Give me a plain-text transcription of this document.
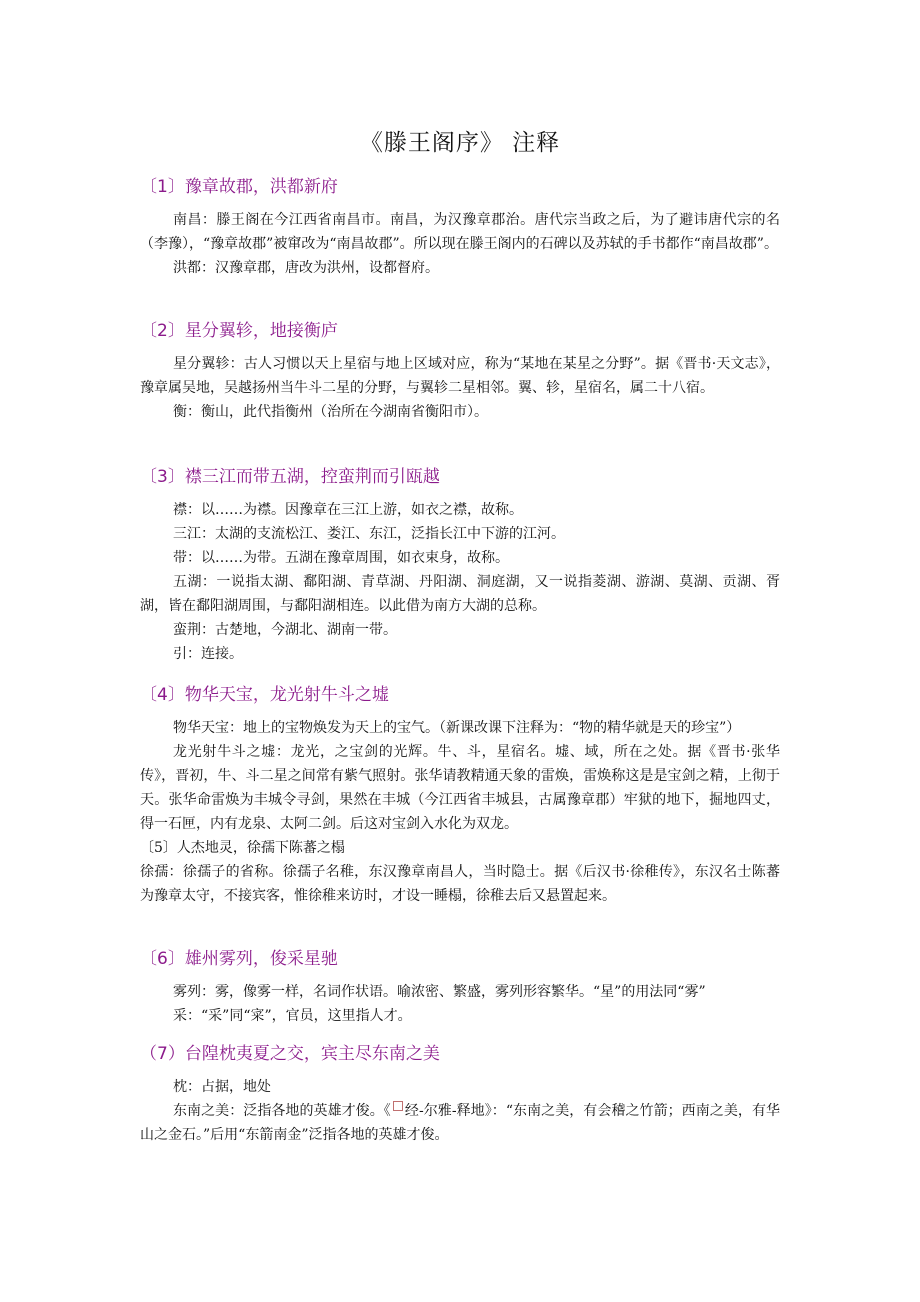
《滕王阁序》 注释
〔1〕豫章故郡，洪都新府

南昌：滕王阁在今江西省南昌市。南昌，为汉豫章郡治。唐代宗当政之后，为了避讳唐代宗的名（李豫），“豫章故郡”被窜改为“南昌故郡”。所以现在滕王阁内的石碑以及苏轼的手书都作“南昌故郡”。

洪都：汉豫章郡，唐改为洪州，设都督府。

〔2〕星分翼轸，地接衡庐

星分翼轸：古人习惯以天上星宿与地上区域对应，称为“某地在某星之分野”。据《晋书·天文志》，豫章属吴地，吴越扬州当牛斗二星的分野，与翼轸二星相邻。翼、轸，星宿名，属二十八宿。

衡：衡山，此代指衡州（治所在今湖南省衡阳市）。

〔3〕襟三江而带五湖，控蛮荆而引瓯越

襟：以……为襟。因豫章在三江上游，如衣之襟，故称。

三江：太湖的支流松江、娄江、东江，泛指长江中下游的江河。

带：以……为带。五湖在豫章周围，如衣束身，故称。

五湖：一说指太湖、鄱阳湖、青草湖、丹阳湖、洞庭湖，又一说指菱湖、游湖、莫湖、贡湖、胥湖，皆在鄱阳湖周围，与鄱阳湖相连。以此借为南方大湖的总称。

蛮荆：古楚地，今湖北、湖南一带。

引：连接。

〔4〕物华天宝，龙光射牛斗之墟

物华天宝：地上的宝物焕发为天上的宝气。（新课改课下注释为：“物的精华就是天的珍宝”）

龙光射牛斗之墟：龙光，之宝剑的光辉。牛、斗，星宿名。墟、域，所在之处。据《晋书·张华传》，晋初，牛、斗二星之间常有紫气照射。张华请教精通天象的雷焕，雷焕称这是是宝剑之精，上彻于天。张华命雷焕为丰城令寻剑，果然在丰城（今江西省丰城县，古属豫章郡）牢狱的地下，掘地四丈，得一石匣，内有龙泉、太阿二剑。后这对宝剑入水化为双龙。

〔5〕人杰地灵，徐孺下陈蕃之榻

徐孺：徐孺子的省称。徐孺子名稚，东汉豫章南昌人，当时隐士。据《后汉书·徐稚传》，东汉名士陈蕃为豫章太守，不接宾客，惟徐稚来访时，才设一睡榻，徐稚去后又悬置起来。

〔6〕雄州雾列，俊采星驰

雾列：雾，像雾一样，名词作状语。喻浓密、繁盛，雾列形容繁华。“星”的用法同“雾”

采：“采”同“寀”，官员，这里指人才。

（7）台隍枕夷夏之交，宾主尽东南之美

枕：占据，地处

东南之美：泛指各地的英雄才俊。《 经-尔雅-释地》：“东南之美，有会稽之竹箭；西南之美，有华山之金石。”后用“东箭南金”泛指各地的英雄才俊。
